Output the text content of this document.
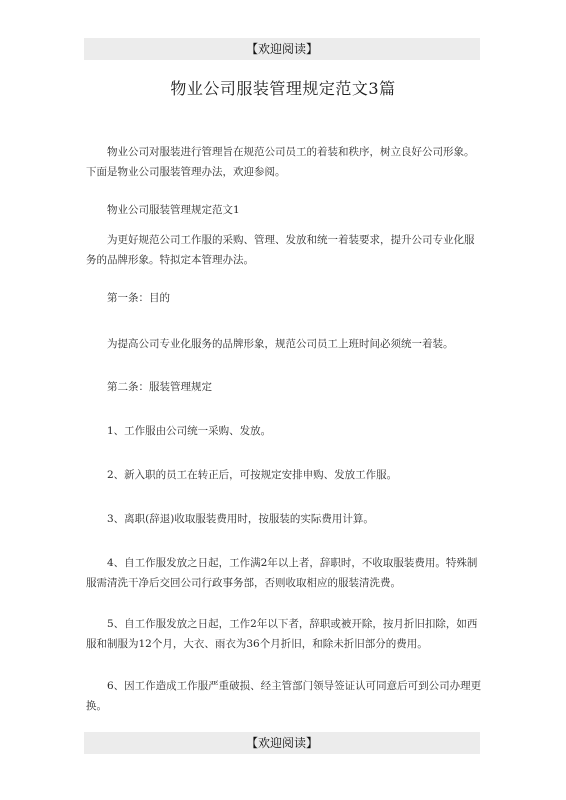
【欢迎阅读】
物业公司服装管理规定范文3篇

物业公司对服装进行管理旨在规范公司员工的着装和秩序，树立良好公司形象。下面是物业公司服装管理办法，欢迎参阅。

物业公司服装管理规定范文1

为更好规范公司工作服的采购、管理、发放和统一着装要求，提升公司专业化服务的品牌形象。特拟定本管理办法。

第一条：目的

为提高公司专业化服务的品牌形象，规范公司员工上班时间必须统一着装。

第二条：服装管理规定

1、工作服由公司统一采购、发放。

2、新入职的员工在转正后，可按规定安排申购、发放工作服。

3、离职(辞退)收取服装费用时，按服装的实际费用计算。

4、自工作服发放之日起，工作满2年以上者，辞职时，不收取服装费用。特殊制服需清洗干净后交回公司行政事务部，否则收取相应的服装清洗费。

5、自工作服发放之日起，工作2年以下者，辞职或被开除，按月折旧扣除，如西服和制服为12个月，大衣、雨衣为36个月折旧，和除未折旧部分的费用。

6、因工作造成工作服严重破损、经主管部门领导签证认可同意后可到公司办理更换。

【欢迎阅读】
